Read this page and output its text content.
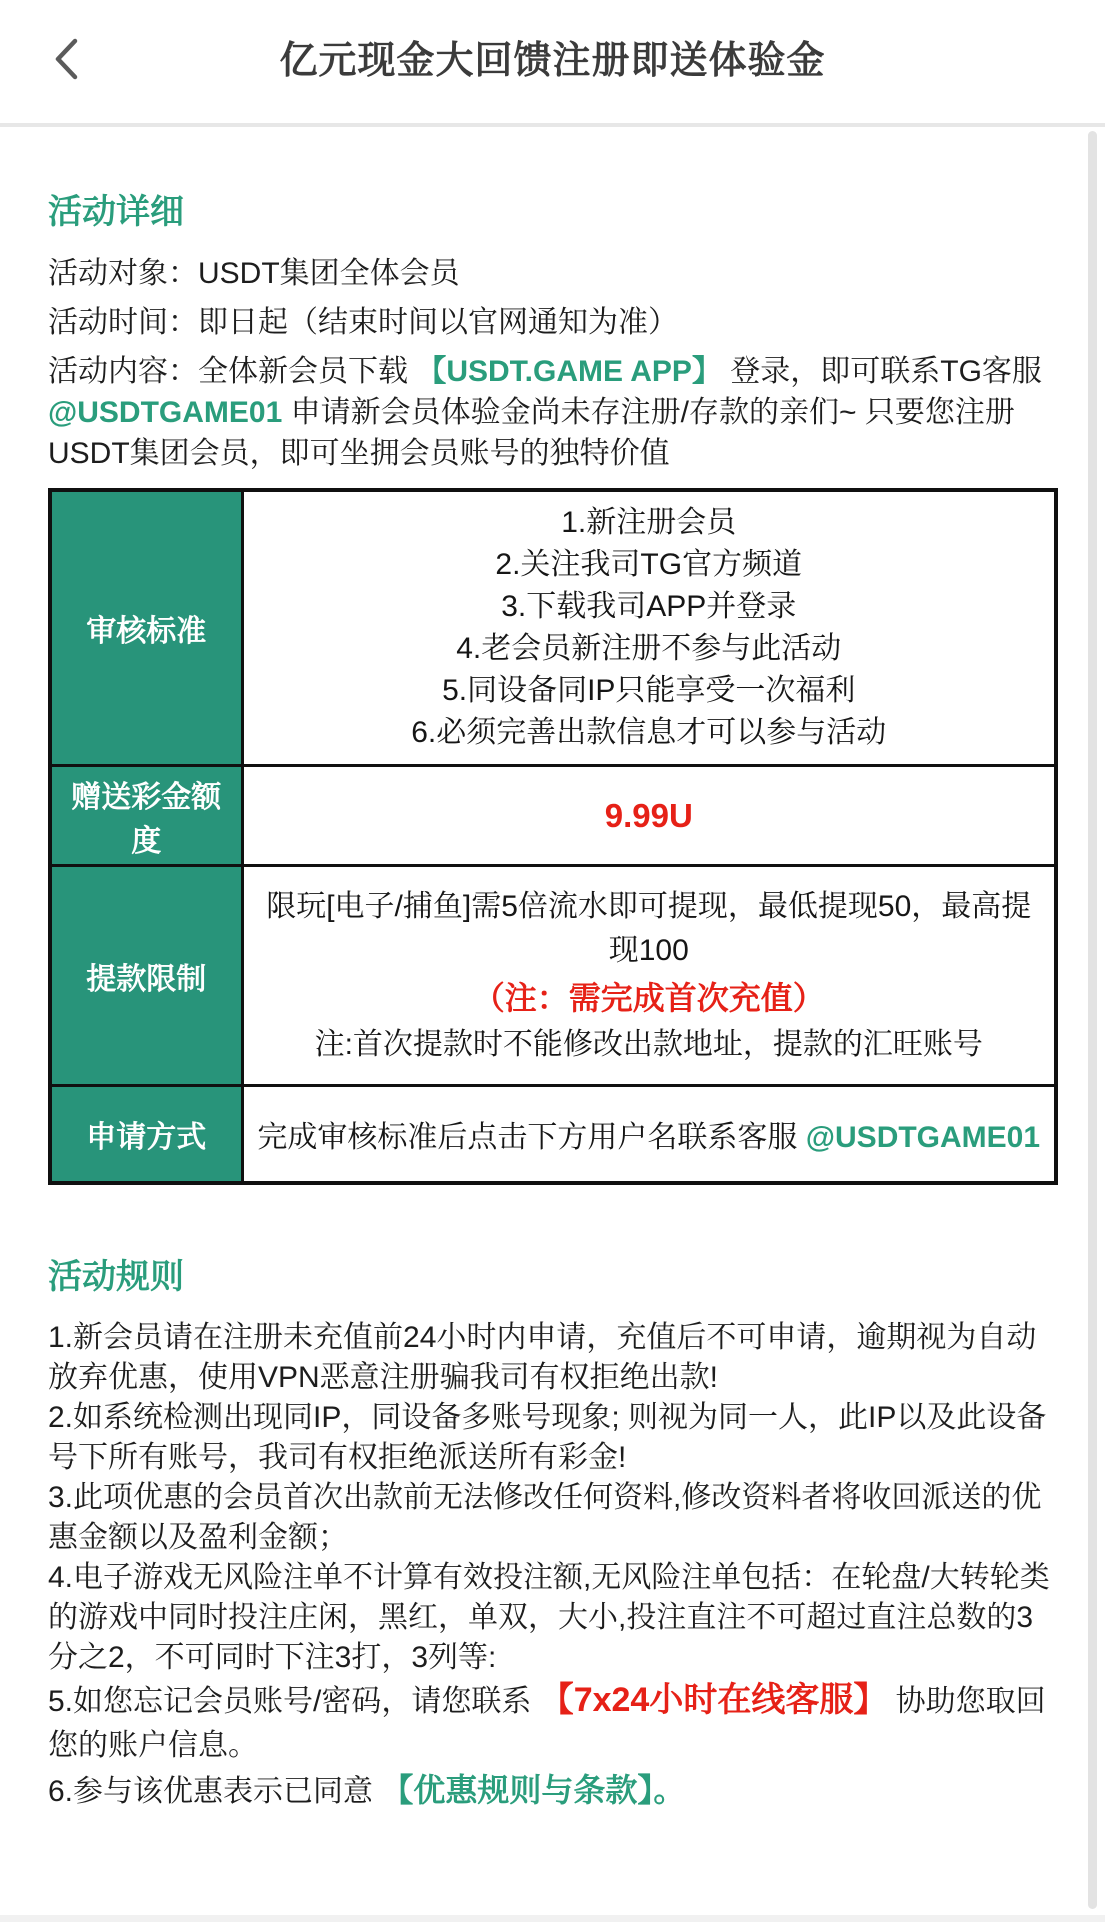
亿元现金大回馈注册即送体验金
活动详细

活动对象：USDT集团全体会员

活动时间：即日起（结束时间以官网通知为准）

活动内容：全体新会员下载 【USDT.GAME APP】 登录，即可联系TG客服 @USDTGAME01 申请新会员体验金尚未存注册/存款的亲们~ 只要您注册USDT集团会员，即可坐拥会员账号的独特价值

审核标准	
1.新注册会员
2.关注我司TG官方频道
3.下载我司APP并登录
4.老会员新注册不参与此活动
5.同设备同IP只能享受一次福利
6.必须完善出款信息才可以参与活动

赠送彩金额度	9.99U
提款限制	限玩[电子/捕鱼]需5倍流水即可提现，最低提现50，最高提现100
（注：需完成首次充值）
注:首次提款时不能修改出款地址，提款的汇旺账号

申请方式	完成审核标准后点击下方用户名联系客服 @USDTGAME01
活动规则

1.新会员请在注册未充值前24小时内申请，充值后不可申请，逾期视为自动放弃优惠，使用VPN恶意注册骗我司有权拒绝出款!

2.如系统检测出现同IP，同设备多账号现象; 则视为同一人，此IP以及此设备号下所有账号，我司有权拒绝派送所有彩金!

3.此项优惠的会员首次出款前无法修改任何资料,修改资料者将收回派送的优惠金额以及盈利金额；

4.电子游戏无风险注单不计算有效投注额,无风险注单包括：在轮盘/大转轮类的游戏中同时投注庄闲，黑红，单双，大小,投注直注不可超过直注总数的3分之2，不可同时下注3打，3列等:

5.如您忘记会员账号/密码，请您联系 【7x24小时在线客服】 协助您取回您的账户信息。

6.参与该优惠表示已同意 【优惠规则与条款】。
